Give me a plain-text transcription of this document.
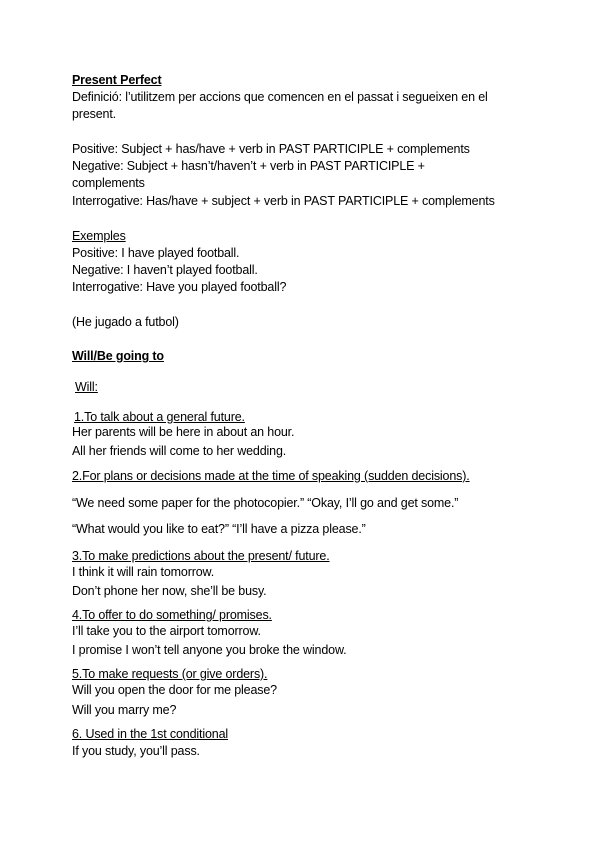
Present Perfect
Definició: l’utilitzem per accions que comencen en el passat i segueixen en el
present.
Positive: Subject + has/have + verb in PAST PARTICIPLE + complements
Negative: Subject + hasn’t/haven’t + verb in PAST PARTICIPLE +
complements
Interrogative: Has/have + subject + verb in PAST PARTICIPLE + complements
Exemples
Positive: I have played football.
Negative: I haven’t played football.
Interrogative: Have you played football?
(He jugado a futbol)
Will/Be going to
Will:
1.To talk about a general future.
Her parents will be here in about an hour.
All her friends will come to her wedding.
2.For plans or decisions made at the time of speaking (sudden decisions).
“We need some paper for the photocopier.” “Okay, I’ll go and get some.”
“What would you like to eat?” “I’ll have a pizza please.”
3.To make predictions about the present/ future.
I think it will rain tomorrow.
Don’t phone her now, she’ll be busy.
4.To offer to do something/ promises.
I’ll take you to the airport tomorrow.
I promise I won’t tell anyone you broke the window.
5.To make requests (or give orders).
Will you open the door for me please?
Will you marry me?
6. Used in the 1st conditional
If you study, you’ll pass.
